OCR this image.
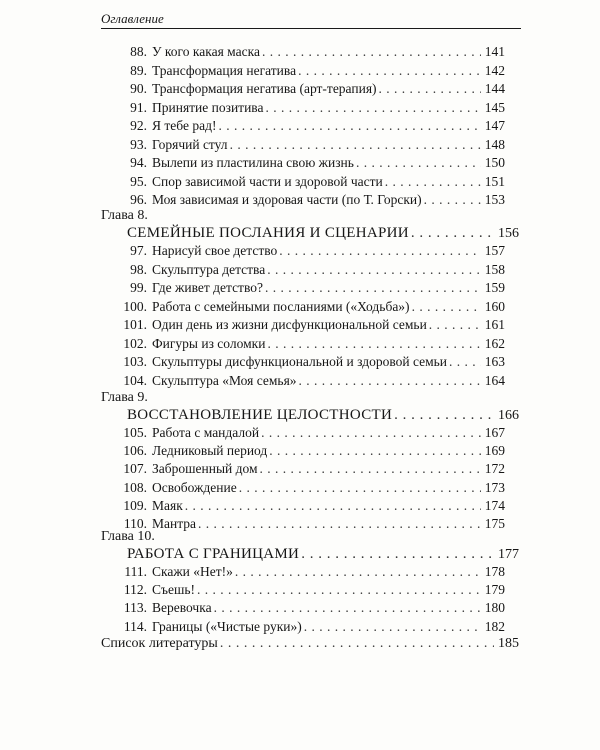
Оглавление
88. У кого какая маска . . .	141
89. Трансформация негатива . . .	142
90. Трансформация негатива (арт-терапия) . . .	144
91. Принятие позитива . . .	145
92. Я тебе рад! . . .	147
93. Горячий стул . . .	148
94. Вылепи из пластилина свою жизнь . . .	150
95. Спор зависимой части и здоровой части . . .	151
96. Моя зависимая и здоровая части (по Т. Горски) . . .	153
Глава 8.
СЕМЕЙНЫЕ ПОСЛАНИЯ И СЦЕНАРИИ . . .	156
97. Нарисуй свое детство . . .	157
98. Скульптура детства . . .	158
99. Где живет детство? . . .	159
100. Работа с семейными посланиями («Ходьба») . . .	160
101. Один день из жизни дисфункциональной семьи . . .	161
102. Фигуры из соломки . . .	162
103. Скульптуры дисфункциональной и здоровой семьи . . .	163
104. Скульптура «Моя семья» . . .	164
Глава 9.
ВОССТАНОВЛЕНИЕ ЦЕЛОСТНОСТИ . . .	166
105. Работа с мандалой . . .	167
106. Ледниковый период . . .	169
107. Заброшенный дом . . .	172
108. Освобождение . . .	173
109. Маяк . . .	174
110. Мантра . . .	175
Глава 10.
РАБОТА С ГРАНИЦАМИ . . .	177
111. Скажи «Нет!» . . .	178
112. Съешь! . . .	179
113. Веревочка . . .	180
114. Границы («Чистые руки») . . .	182
Список литературы . . .	185
